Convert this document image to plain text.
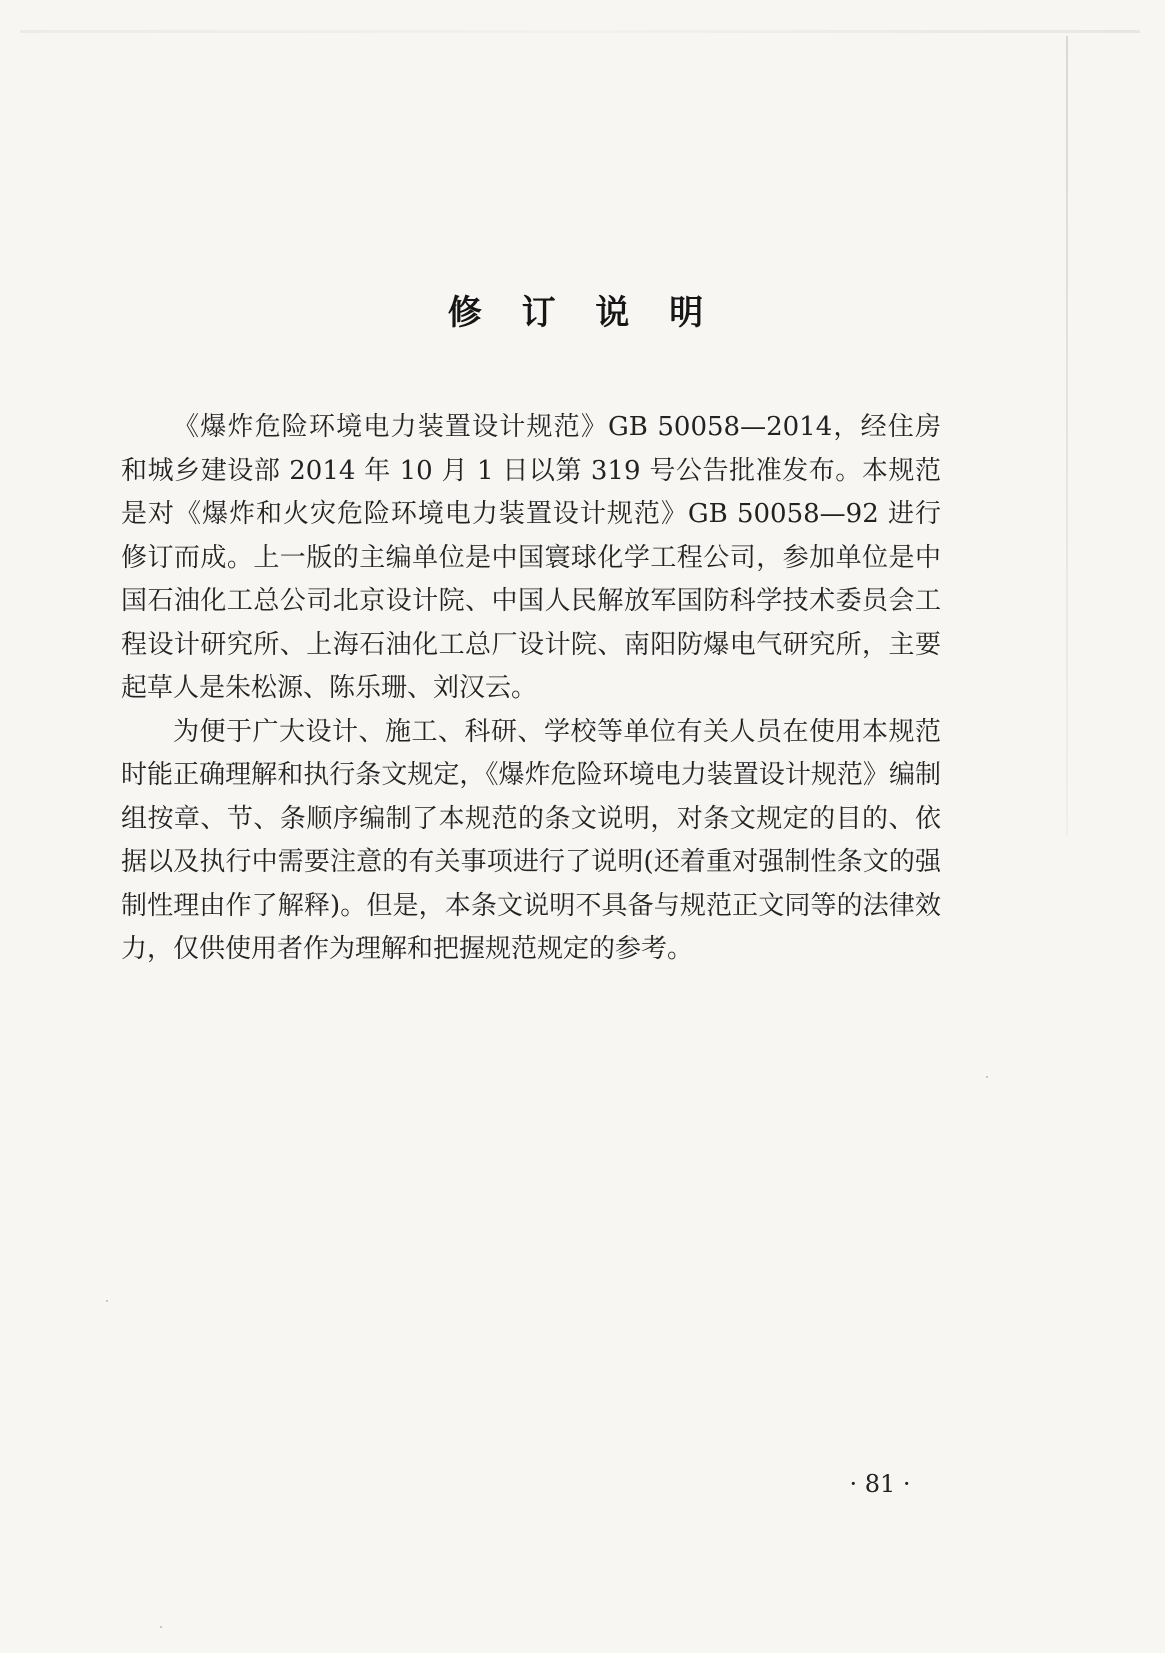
修 订 说 明

《爆炸危险环境电力装置设计规范》GB 50058—2014，经住房和城乡建设部 2014 年 10 月 1 日以第 319 号公告批准发布。本规范是对《爆炸和火灾危险环境电力装置设计规范》GB 50058—92 进行修订而成。上一版的主编单位是中国寰球化学工程公司，参加单位是中国石油化工总公司北京设计院、中国人民解放军国防科学技术委员会工程设计研究所、上海石油化工总厂设计院、南阳防爆电气研究所，主要起草人是朱松源、陈乐珊、刘汉云。

为便于广大设计、施工、科研、学校等单位有关人员在使用本规范时能正确理解和执行条文规定，《爆炸危险环境电力装置设计规范》编制组按章、节、条顺序编制了本规范的条文说明，对条文规定的目的、依据以及执行中需要注意的有关事项进行了说明(还着重对强制性条文的强制性理由作了解释)。但是，本条文说明不具备与规范正文同等的法律效力，仅供使用者作为理解和把握规范规定的参考。

· 81 ·
